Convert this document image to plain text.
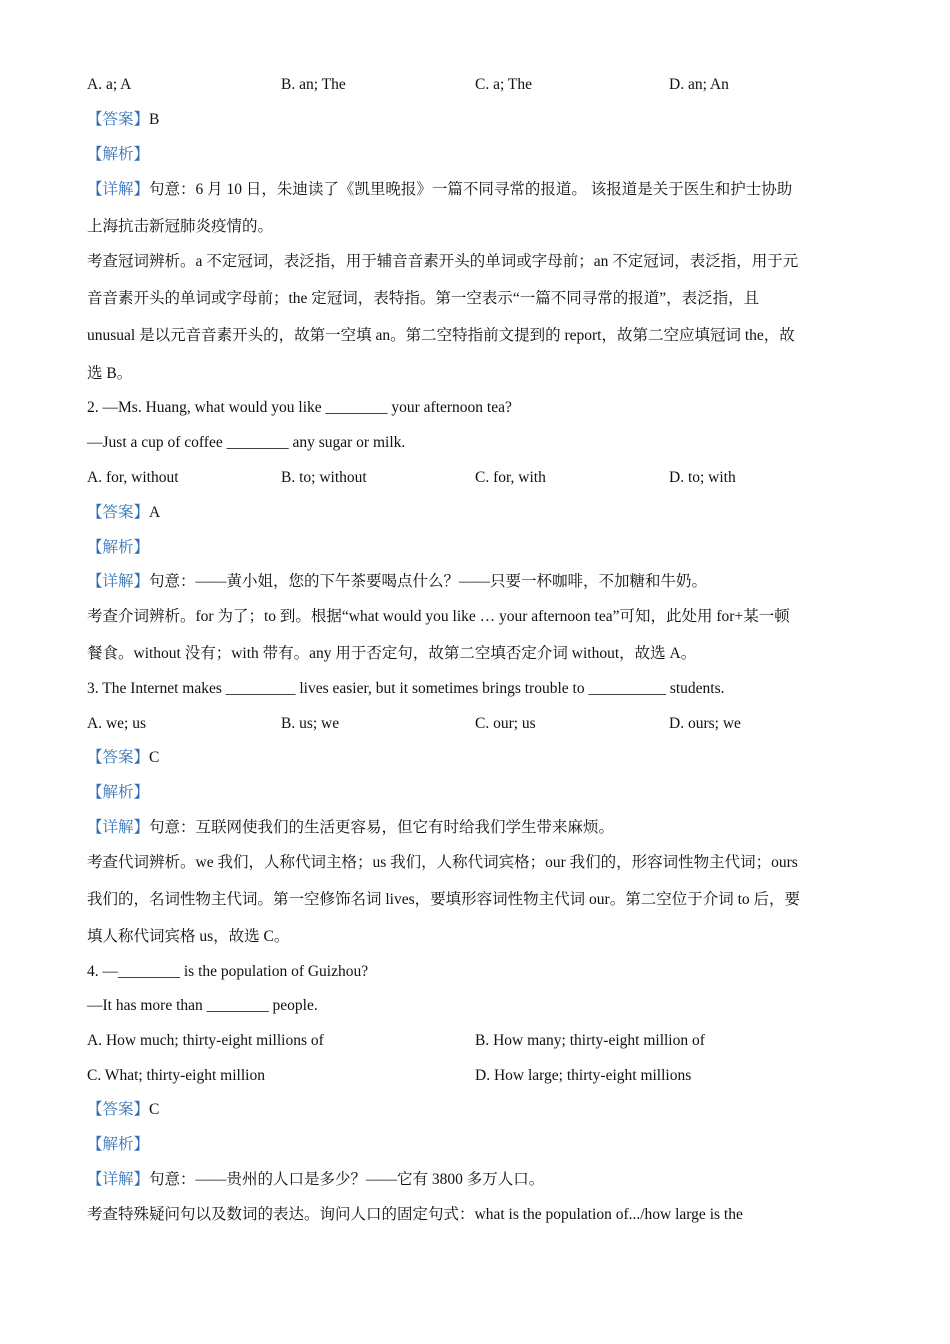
A. a; A	B. an; The	C. a; The	D. an; An
【答案】B
【解析】
【详解】句意：6 月 10 日，朱迪读了《凯里晚报》一篇不同寻常的报道。 该报道是关于医生和护士协助
上海抗击新冠肺炎疫情的。
考查冠词辨析。a 不定冠词，表泛指，用于辅音音素开头的单词或字母前；an 不定冠词，表泛指，用于元
音音素开头的单词或字母前；the 定冠词，表特指。第一空表示“一篇不同寻常的报道”，表泛指，且
unusual 是以元音音素开头的，故第一空填 an。第二空特指前文提到的 report，故第二空应填冠词 the，故
选 B。
2. —Ms. Huang, what would you like ________ your afternoon tea?
—Just a cup of coffee ________ any sugar or milk.
A. for, without	B. to; without	C. for, with	D. to; with
【答案】A
【解析】
【详解】句意：——黄小姐，您的下午茶要喝点什么？——只要一杯咖啡，不加糖和牛奶。
考查介词辨析。for 为了；to 到。根据“what would you like … your afternoon tea”可知，此处用 for+某一顿
餐食。without 没有；with 带有。any 用于否定句，故第二空填否定介词 without，故选 A。
3. The Internet makes _________ lives easier, but it sometimes brings trouble to __________ students.
A. we; us	B. us; we	C. our; us	D. ours; we
【答案】C
【解析】
【详解】句意：互联网使我们的生活更容易，但它有时给我们学生带来麻烦。
考查代词辨析。we 我们，人称代词主格；us 我们，人称代词宾格；our 我们的，形容词性物主代词；ours
我们的，名词性物主代词。第一空修饰名词 lives，要填形容词性物主代词 our。第二空位于介词 to 后，要
填人称代词宾格 us，故选 C。
4. —________ is the population of Guizhou?
—It has more than ________ people.
A. How much; thirty-eight millions of	B. How many; thirty-eight million of
C. What; thirty-eight million	D. How large; thirty-eight millions
【答案】C
【解析】
【详解】句意：——贵州的人口是多少？——它有 3800 多万人口。
考查特殊疑问句以及数词的表达。询问人口的固定句式：what is the population of.../how large is the
